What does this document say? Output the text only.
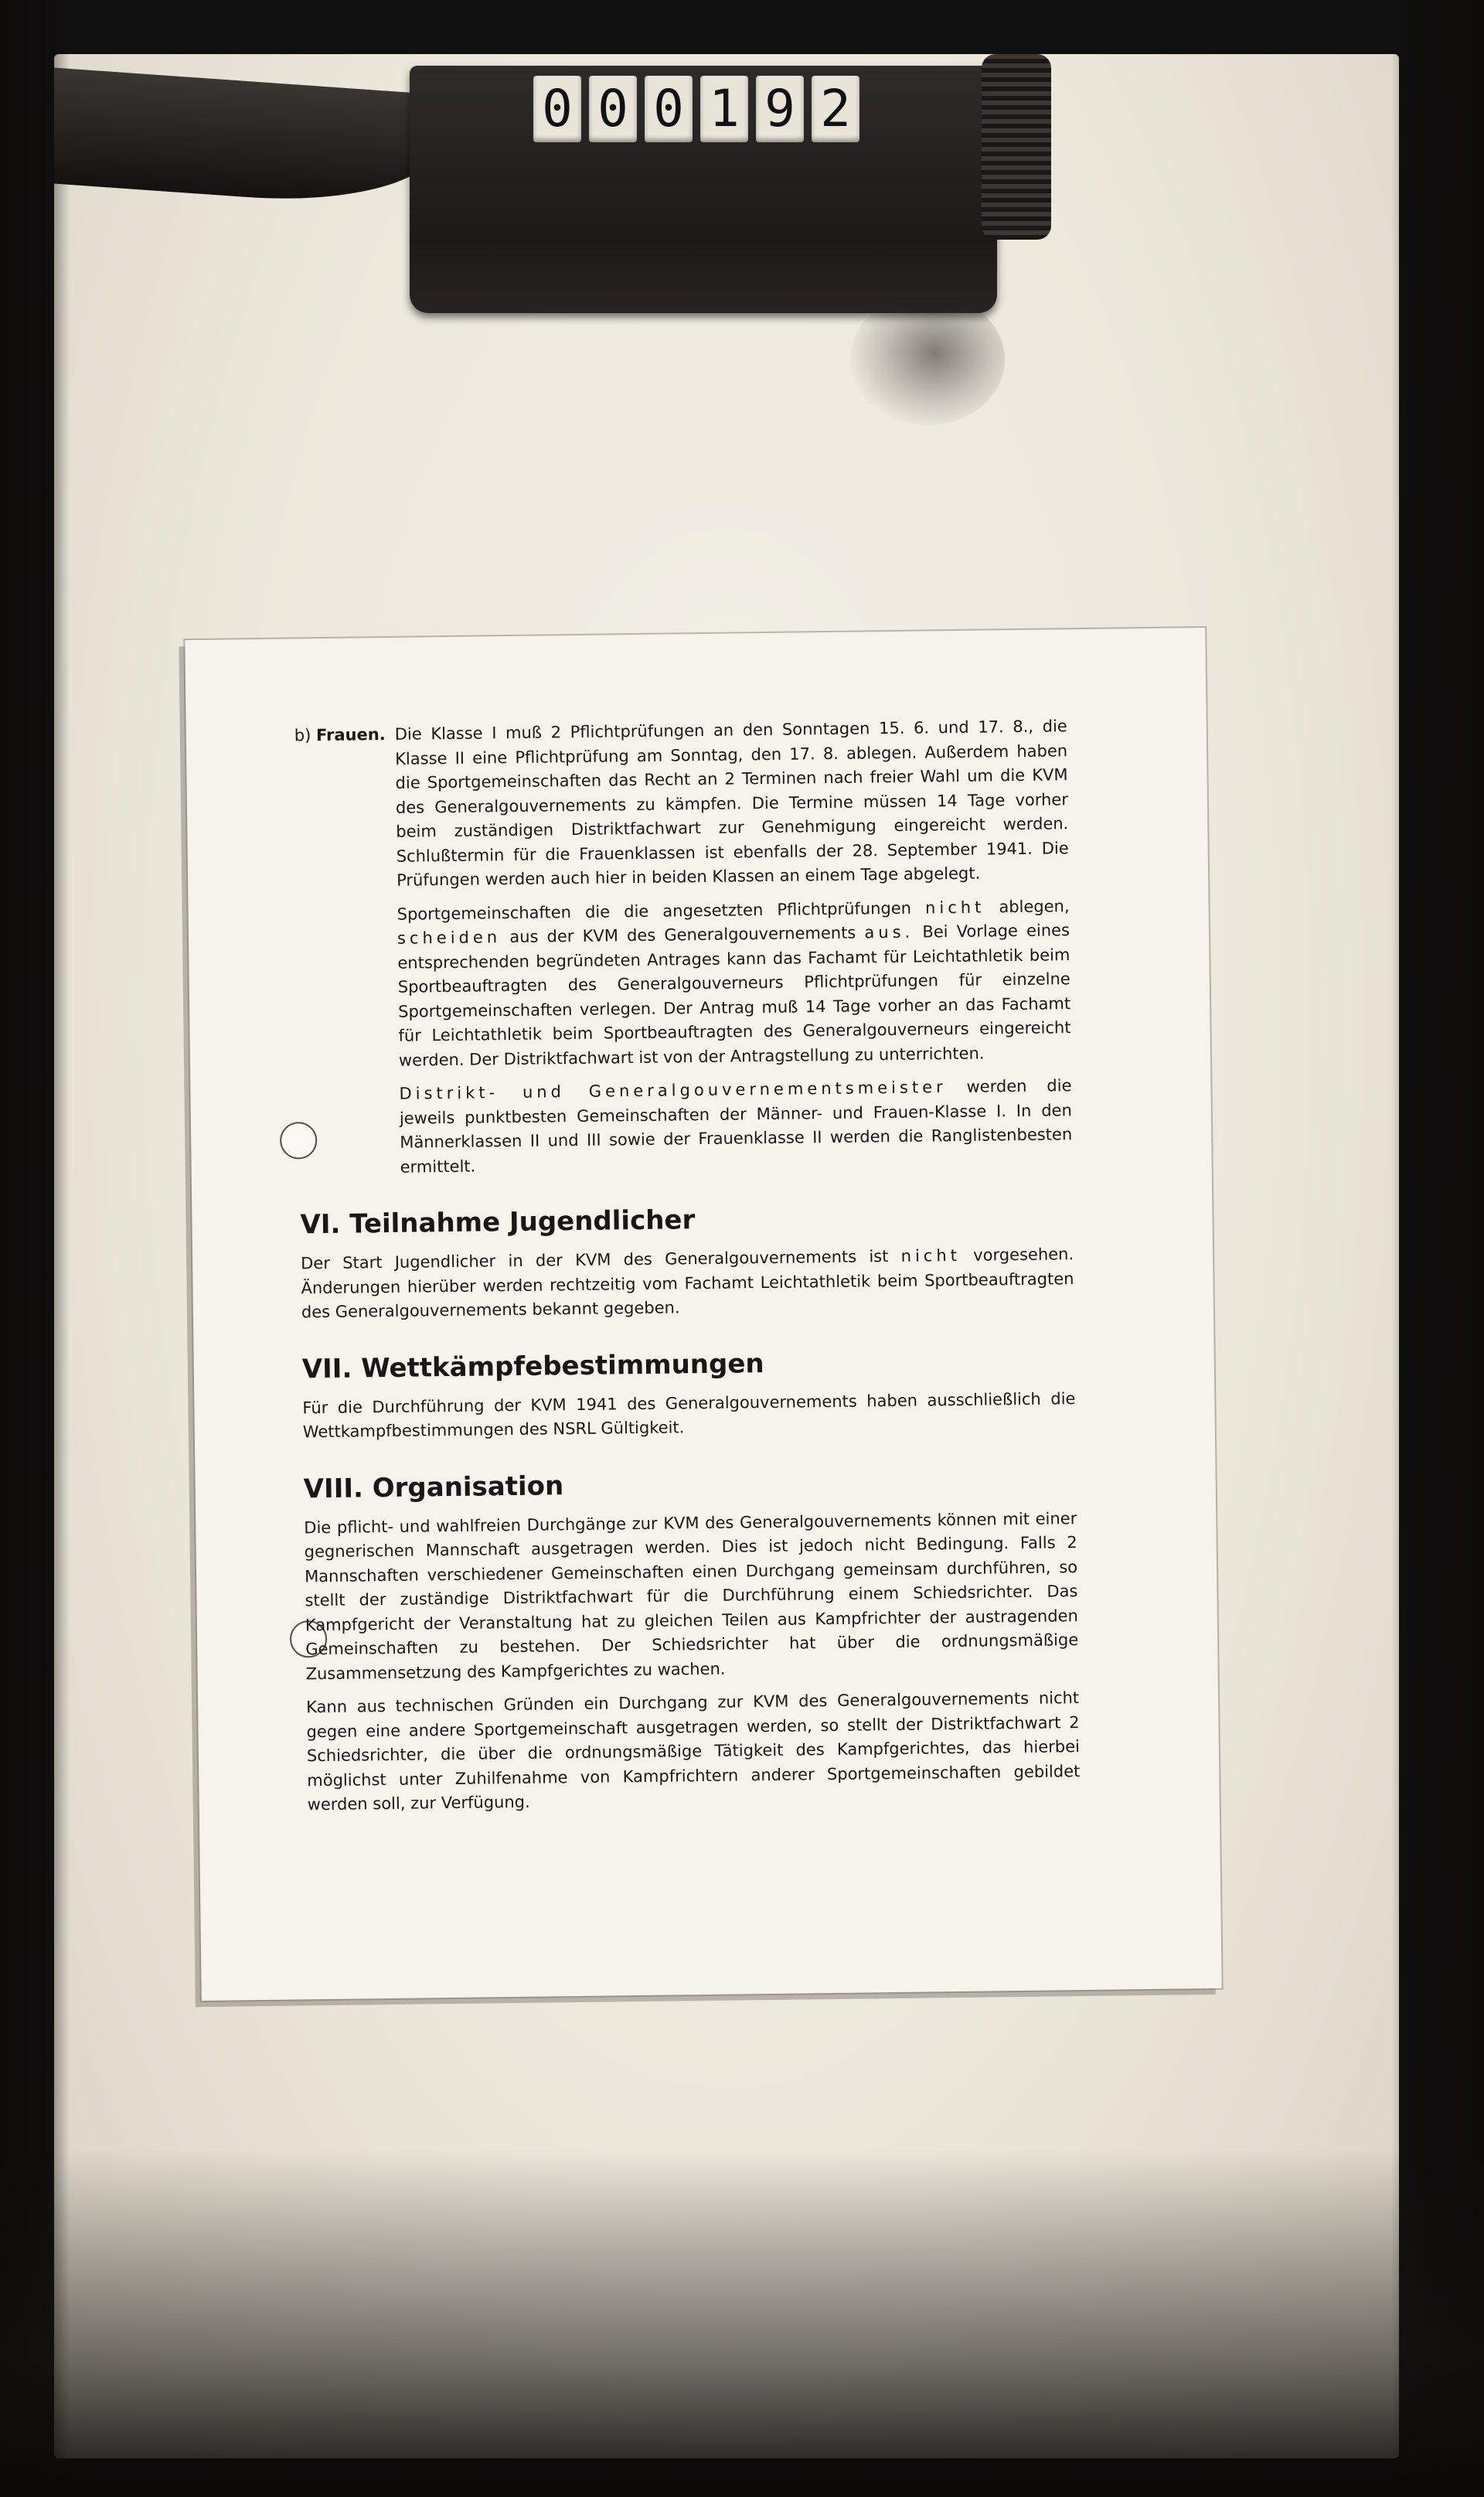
0 0 0 1 9 2
b) Frauen. Die Klasse I muß 2 Pflichtprüfungen an den Sonntagen 15. 6. und 17. 8., die Klasse II eine Pflichtprüfung am Sonntag, den 17. 8. ablegen. Außerdem haben die Sportgemeinschaften das Recht an 2 Terminen nach freier Wahl um die KVM des Generalgouvernements zu kämpfen. Die Termine müssen 14 Tage vorher beim zuständigen Distriktfachwart zur Genehmigung eingereicht werden. Schlußtermin für die Frauenklassen ist ebenfalls der 28. September 1941. Die Prüfungen werden auch hier in beiden Klassen an einem Tage abgelegt.

Sportgemeinschaften die die angesetzten Pflichtprüfungen nicht ablegen, scheiden aus der KVM des Generalgouvernements aus. Bei Vorlage eines entsprechenden begründeten Antrages kann das Fachamt für Leichtathletik beim Sportbeauftragten des Generalgouverneurs Pflichtprüfungen für einzelne Sportgemeinschaften verlegen. Der Antrag muß 14 Tage vorher an das Fachamt für Leichtathletik beim Sportbeauftragten des Generalgouverneurs eingereicht werden. Der Distriktfachwart ist von der Antragstellung zu unterrichten.

Distrikt- und Generalgouvernementsmeister werden die jeweils punktbesten Gemeinschaften der Männer- und Frauen-Klasse I. In den Männerklassen II und III sowie der Frauenklasse II werden die Ranglistenbesten ermittelt.

VI. Teilnahme Jugendlicher

Der Start Jugendlicher in der KVM des Generalgouvernements ist nicht vorgesehen. Änderungen hierüber werden rechtzeitig vom Fachamt Leichtathletik beim Sportbeauftragten des Generalgouvernements bekannt gegeben.

VII. Wettkämpfebestimmungen

Für die Durchführung der KVM 1941 des Generalgouvernements haben ausschließlich die Wettkampfbestimmungen des NSRL Gültigkeit.

VIII. Organisation

Die pflicht- und wahlfreien Durchgänge zur KVM des Generalgouvernements können mit einer gegnerischen Mannschaft ausgetragen werden. Dies ist jedoch nicht Bedingung. Falls 2 Mannschaften verschiedener Gemeinschaften einen Durchgang gemeinsam durchführen, so stellt der zuständige Distriktfachwart für die Durchführung einem Schiedsrichter. Das Kampfgericht der Veranstaltung hat zu gleichen Teilen aus Kampfrichter der austragenden Gemeinschaften zu bestehen. Der Schiedsrichter hat über die ordnungsmäßige Zusammensetzung des Kampfgerichtes zu wachen.

Kann aus technischen Gründen ein Durchgang zur KVM des Generalgouvernements nicht gegen eine andere Sportgemeinschaft ausgetragen werden, so stellt der Distriktfachwart 2 Schiedsrichter, die über die ordnungsmäßige Tätigkeit des Kampfgerichtes, das hierbei möglichst unter Zuhilfenahme von Kampfrichtern anderer Sportgemeinschaften gebildet werden soll, zur Verfügung.
